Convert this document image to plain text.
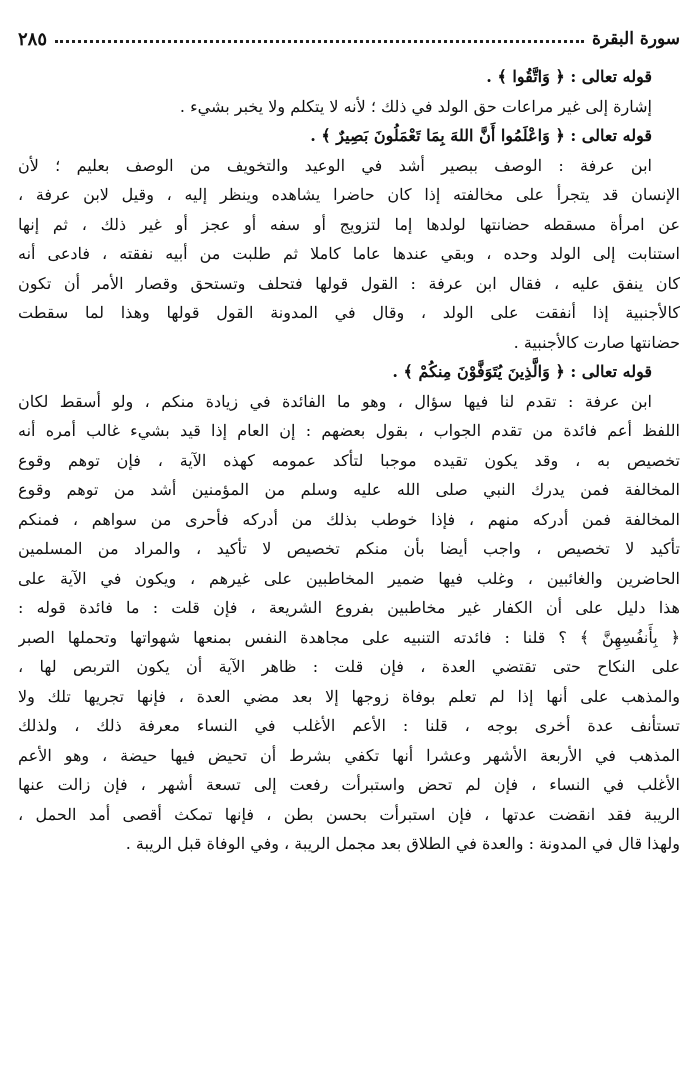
سورة البقرة
٢٨٥
قوله تعالى : ﴿ وَاتَّقُوا ﴾ .
إشارة إلى غير مراعات حق الولد في ذلك ؛ لأنه لا يتكلم ولا يخبر بشيء .
قوله تعالى : ﴿ وَاعْلَمُوا أَنَّ اللهَ بِمَا تَعْمَلُونَ بَصِيرٌ ﴾ .
ابن عرفة : الوصف ببصير أشد في الوعيد والتخويف من الوصف بعليم ؛ لأن
الإنسان قد يتجرأ على مخالفته إذا كان حاضرا يشاهده وينظر إليه ، وقيل لابن عرفة ،
عن امرأة مسقطه حضانتها لولدها إما لتزويج أو سفه أو عجز أو غير ذلك ، ثم إنها
استنابت إلى الولد وحده ، وبقي عندها عاما كاملا ثم طلبت من أبيه نفقته ، فادعى أنه
كان ينفق عليه ، فقال ابن عرفة : القول قولها فتحلف وتستحق وقصار الأمر أن تكون
كالأجنبية إذا أنفقت على الولد ، وقال في المدونة القول قولها وهذا لما سقطت
حضانتها صارت كالأجنبية .
قوله تعالى : ﴿ وَالَّذِينَ يُتَوَفَّوْنَ مِنكُمْ ﴾ .
ابن عرفة : تقدم لنا فيها سؤال ، وهو ما الفائدة في زيادة منكم ، ولو أسقط لكان
اللفظ أعم فائدة من تقدم الجواب ، بقول بعضهم : إن العام إذا قيد بشيء غالب أمره أنه
تخصيص به ، وقد يكون تقيده موجبا لتأكد عمومه كهذه الآية ، فإن توهم وقوع
المخالفة فمن يدرك النبي صلى الله عليه وسلم من المؤمنين أشد من توهم وقوع
المخالفة فمن أدركه منهم ، فإذا خوطب بذلك من أدركه فأحرى من سواهم ، فمنكم
تأكيد لا تخصيص ، واجب أيضا بأن منكم تخصيص لا تأكيد ، والمراد من المسلمين
الحاضرين والغائبين ، وغلب فيها ضمير المخاطبين على غيرهم ، ويكون في الآية على
هذا دليل على أن الكفار غير مخاطبين بفروع الشريعة ، فإن قلت : ما فائدة قوله :
﴿ بِأَنفُسِهِنَّ ﴾ ؟ قلنا : فائدته التنبيه على مجاهدة النفس بمنعها شهواتها وتحملها الصبر
على النكاح حتى تقتضي العدة ، فإن قلت : ظاهر الآية أن يكون التربص لها ،
والمذهب على أنها إذا لم تعلم بوفاة زوجها إلا بعد مضي العدة ، فإنها تجريها تلك ولا
تستأنف عدة أخرى بوجه ، قلنا : الأعم الأغلب في النساء معرفة ذلك ، ولذلك
المذهب في الأربعة الأشهر وعشرا أنها تكفي بشرط أن تحيض فيها حيضة ، وهو الأعم
الأغلب في النساء ، فإن لم تحض واستبرأت رفعت إلى تسعة أشهر ، فإن زالت عنها
الريبة فقد انقضت عدتها ، فإن استبرأت بحسن بطن ، فإنها تمكث أقصى أمد الحمل ،
ولهذا قال في المدونة : والعدة في الطلاق بعد مجمل الريبة ، وفي الوفاة قبل الريبة .
